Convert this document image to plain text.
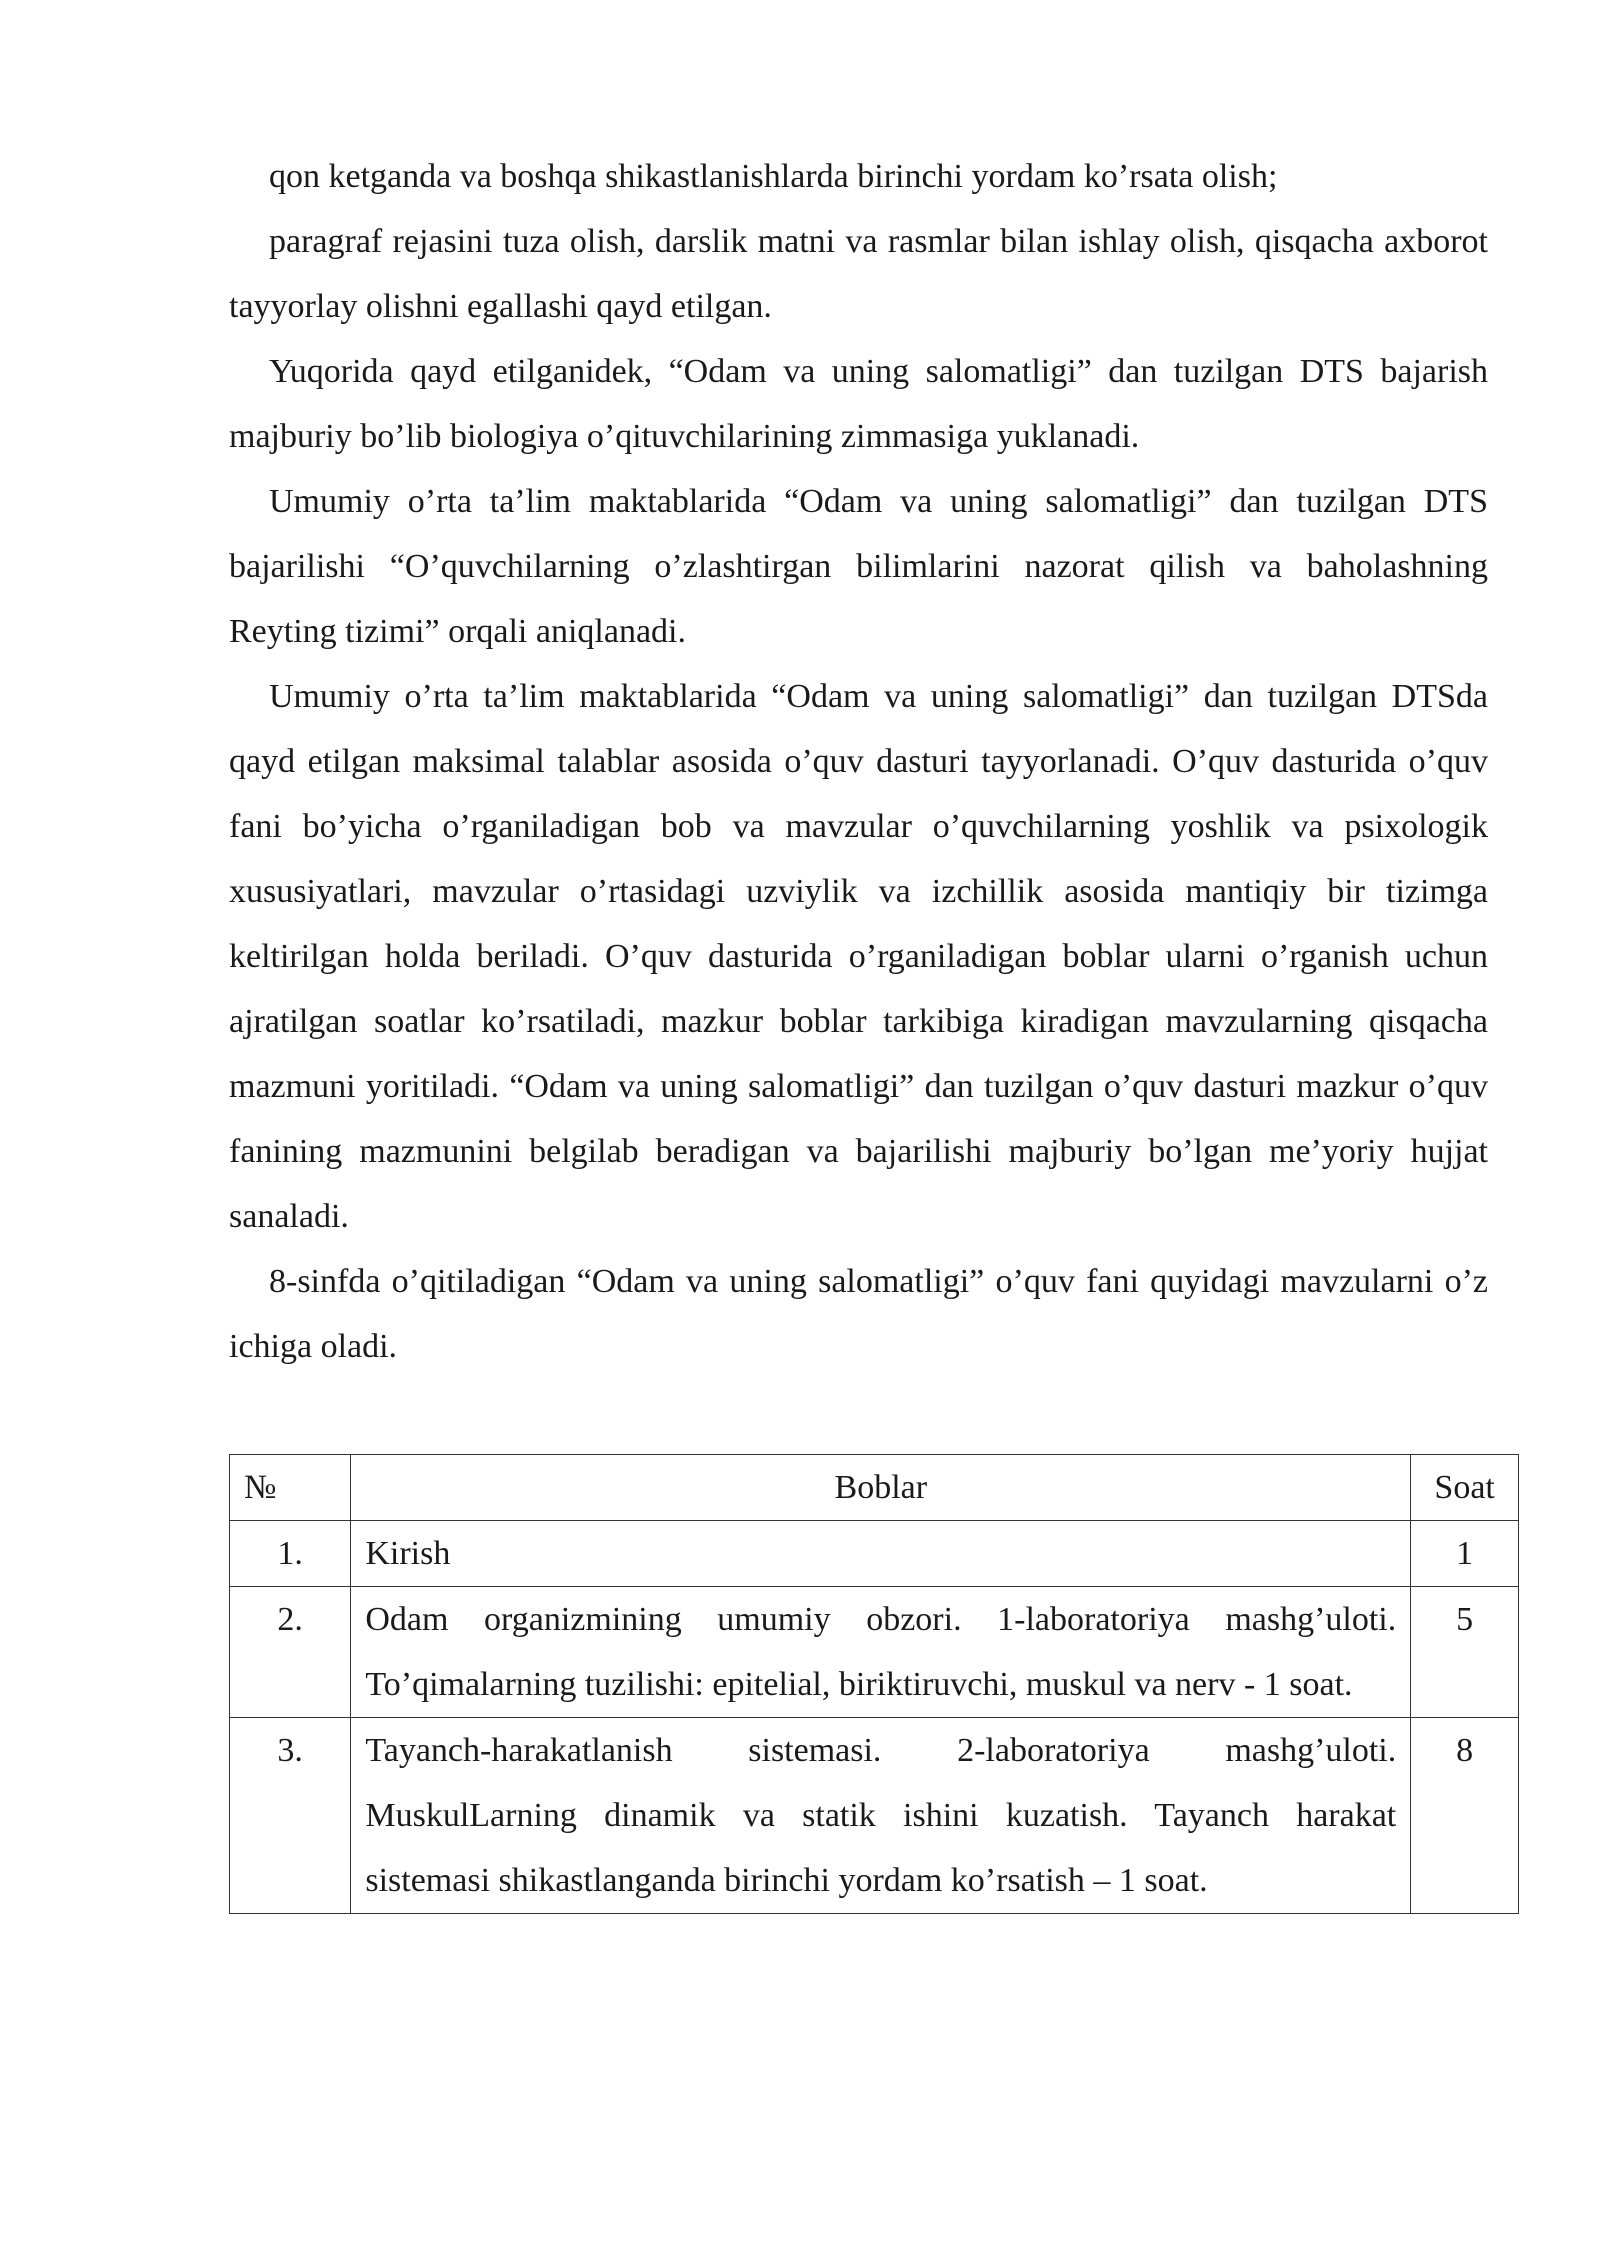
qon ketganda va boshqa shikastlanishlarda birinchi yordam ko’rsata olish;

paragraf rejasini tuza olish, darslik matni va rasmlar bilan ishlay olish, qisqacha axborot tayyorlay olishni egallashi qayd etilgan.

Yuqorida qayd etilganidek, “Odam va uning salomatligi” dan tuzilgan DTS bajarish majburiy bo’lib biologiya o’qituvchilarining zimmasiga yuklanadi.

Umumiy o’rta ta’lim maktablarida “Odam va uning salomatligi” dan tuzilgan DTS bajarilishi “O’quvchilarning o’zlashtirgan bilimlarini nazorat qilish va baholashning Reyting tizimi” orqali aniqlanadi.

Umumiy o’rta ta’lim maktablarida “Odam va uning salomatligi” dan tuzilgan DTSda qayd etilgan maksimal talablar asosida o’quv dasturi tayyorlanadi. O’quv dasturida o’quv fani bo’yicha o’rganiladigan bob va mavzular o’quvchilarning yoshlik va psixologik xususiyatlari, mavzular o’rtasidagi uzviylik va izchillik asosida mantiqiy bir tizimga keltirilgan holda beriladi. O’quv dasturida o’rganiladigan boblar ularni o’rganish uchun ajratilgan soatlar ko’rsatiladi, mazkur boblar tarkibiga kiradigan mavzularning qisqacha mazmuni yoritiladi. “Odam va uning salomatligi” dan tuzilgan o’quv dasturi mazkur o’quv fanining mazmunini belgilab beradigan va bajarilishi majburiy bo’lgan me’yoriy hujjat sanaladi.

8-sinfda o’qitiladigan “Odam va uning salomatligi” o’quv fani quyidagi mavzularni o’z ichiga oladi.

№	Boblar	Soat
1.	Kirish	1
2.	Odam organizmining umumiy obzori. 1-laboratoriya mashg’uloti. To’qimalarning tuzilishi: epitelial, biriktiruvchi, muskul va nerv - 1 soat.	5
3.	Tayanch-harakatlanish sistemasi. 2-laboratoriya mashg’uloti. MuskulLarning dinamik va statik ishini kuzatish. Tayanch harakat sistemasi shikastlanganda birinchi yordam ko’rsatish – 1 soat.	8
